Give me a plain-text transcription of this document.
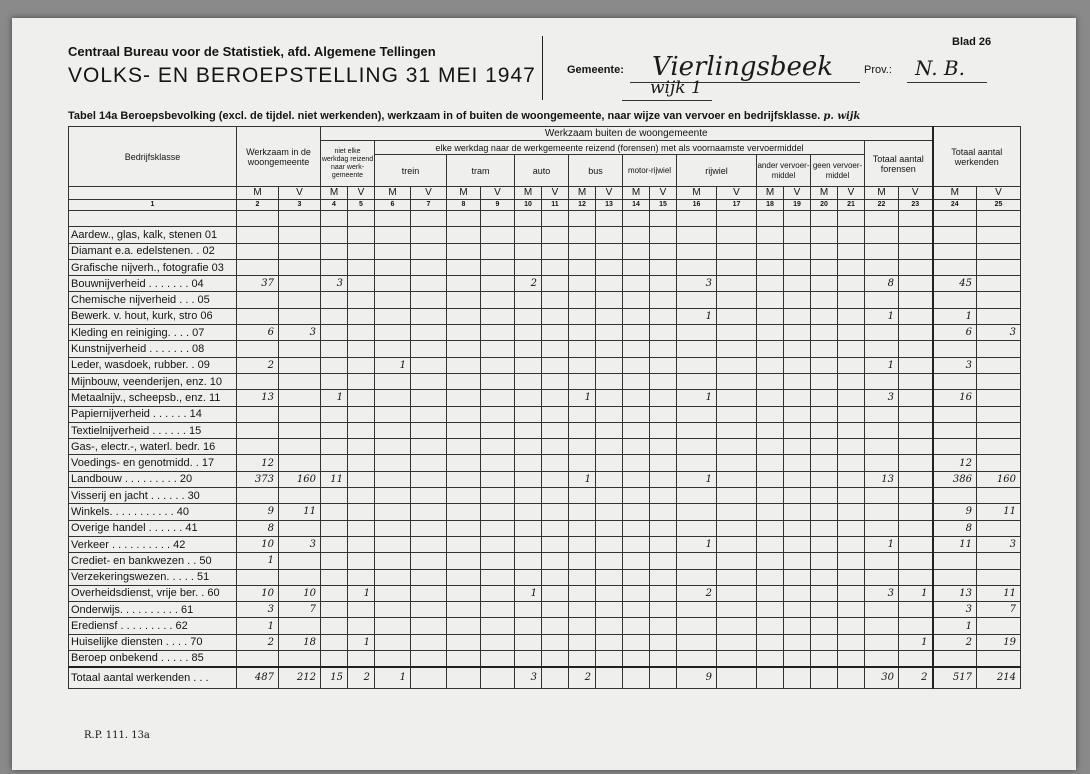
Centraal Bureau voor de Statistiek, afd. Algemene Tellingen
VOLKS- EN BEROEPSTELLING 31 MEI 1947
Blad 26
Gemeente: Vierlingsbeek
wijk 1
Prov.: N. B.
Tabel 14a Beroepsbevolking (excl. de tijdel. niet werkenden), werkzaam in of buiten de woongemeente, naar wijze van vervoer en bedrijfsklasse. p. wijk
Bedrijfsklasse	Werkzaam in de woongemeente		Werkzaam buiten de woongemeente																				Totaal aantal werkenden	
			niet elke werkdag reizend naar werk-gemeente		elke werkdag naar de werkgemeente reizend (forensen) met als voornaamste vervoermiddel																Totaal aantal forensen			
					trein		tram		auto		bus		motor-rijwiel		rijwiel		ander vervoer-middel		geen vervoer-middel					
	M	V	M	V	M	V	M	V	M	V	M	V	M	V	M	V	M	V	M	V	M	V	M	V
1	2	3	4	5	6	7	8	9	10	11	12	13	14	15	16	17	18	19	20	21	22	23	24	25

Aardew., glas, kalk, stenen 01																								
Diamant e.a. edelstenen. . 02																								
Grafische nijverh., fotografie 03																								
Bouwnijverheid . . . . . . . 04	37		3						2						3						8		45	
Chemische nijverheid . . . 05																								
Bewerk. v. hout, kurk, stro 06															1						1		1	
Kleding en reiniging. . . . 07	6	3																					6	3
Kunstnijverheid . . . . . . . 08																								
Leder, wasdoek, rubber. . 09	2				1																1		3	
Mijnbouw, veenderijen, enz. 10																								
Metaalnijv., scheepsb., enz. 11	13		1								1				1						3		16	
Papiernijverheid . . . . . . 14																								
Textielnijverheid . . . . . . 15																								
Gas-, electr.-, waterl. bedr. 16																								
Voedings- en genotmidd. . 17	12																						12	
Landbouw . . . . . . . . . 20	373	160	11								1				1						13		386	160
Visserij en jacht . . . . . . 30																								
Winkels. . . . . . . . . . . 40	9	11																					9	11
Overige handel . . . . . . 41	8																						8	
Verkeer . . . . . . . . . . 42	10	3													1						1		11	3
Crediet- en bankwezen . . 50	1																							
Verzekeringswezen. . . . . 51																								
Overheidsdienst, vrije ber. . 60	10	10		1					1						2						3	1	13	11
Onderwijs. . . . . . . . . . 61	3	7																					3	7
Erediensf . . . . . . . . . 62	1																						1	
Huiselijke diensten . . . . 70	2	18		1																		1	2	19
Beroep onbekend . . . . . 85																								
Totaal aantal werkenden . . .	487	212	15	2	1				3		2				9						30	2	517	214
R.P. 111. 13a
